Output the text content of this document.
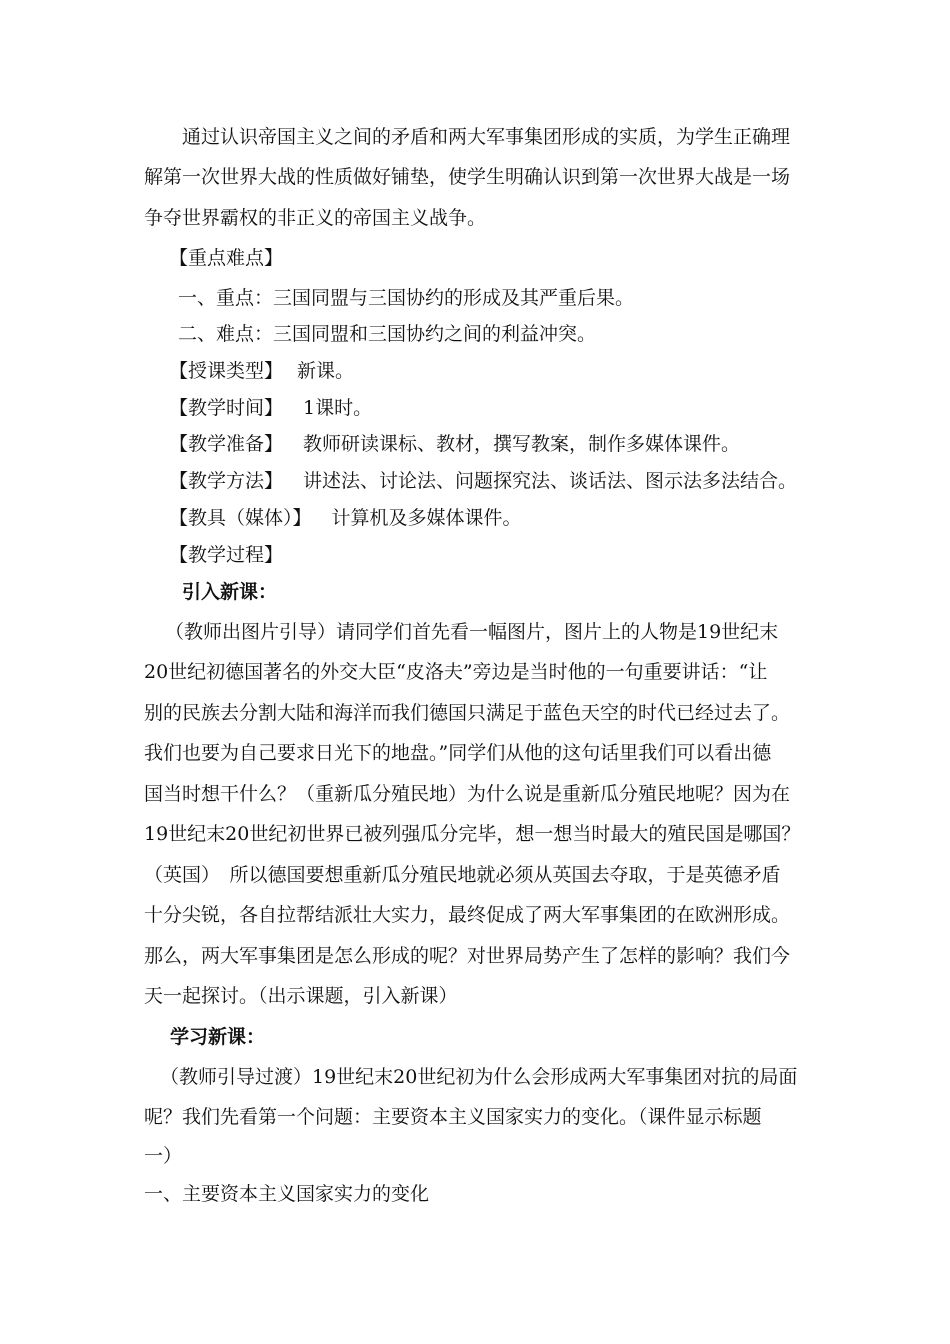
通过认识帝国主义之间的矛盾和两大军事集团形成的实质，为学生正确理
解第一次世界大战的性质做好铺垫，使学生明确认识到第一次世界大战是一场
争夺世界霸权的非正义的帝国主义战争。
【重点难点】
一、重点：三国同盟与三国协约的形成及其严重后果。
二、难点：三国同盟和三国协约之间的利益冲突。
【授课类型】 新课。
【教学时间】 1课时。
【教学准备】 教师研读课标、教材，撰写教案，制作多媒体课件。
【教学方法】 讲述法、讨论法、问题探究法、谈话法、图示法多法结合。
【教具（媒体）】 计算机及多媒体课件。
【教学过程】
引入新课：
（教师出图片引导）请同学们首先看一幅图片，图片上的人物是19世纪末
20世纪初德国著名的外交大臣“皮洛夫”旁边是当时他的一句重要讲话：“让
别的民族去分割大陆和海洋而我们德国只满足于蓝色天空的时代已经过去了。
我们也要为自己要求日光下的地盘。”同学们从他的这句话里我们可以看出德
国当时想干什么？（重新瓜分殖民地）为什么说是重新瓜分殖民地呢？因为在
19世纪末20世纪初世界已被列强瓜分完毕，想一想当时最大的殖民国是哪国？
（英国）　所以德国要想重新瓜分殖民地就必须从英国去夺取，于是英德矛盾
十分尖锐，各自拉帮结派壮大实力，最终促成了两大军事集团的在欧洲形成。
那么，两大军事集团是怎么形成的呢？对世界局势产生了怎样的影响？我们今
天一起探讨。（出示课题，引入新课）
学习新课：
（教师引导过渡）19世纪末20世纪初为什么会形成两大军事集团对抗的局面
呢？我们先看第一个问题：主要资本主义国家实力的变化。（课件显示标题
一）
一、主要资本主义国家实力的变化
